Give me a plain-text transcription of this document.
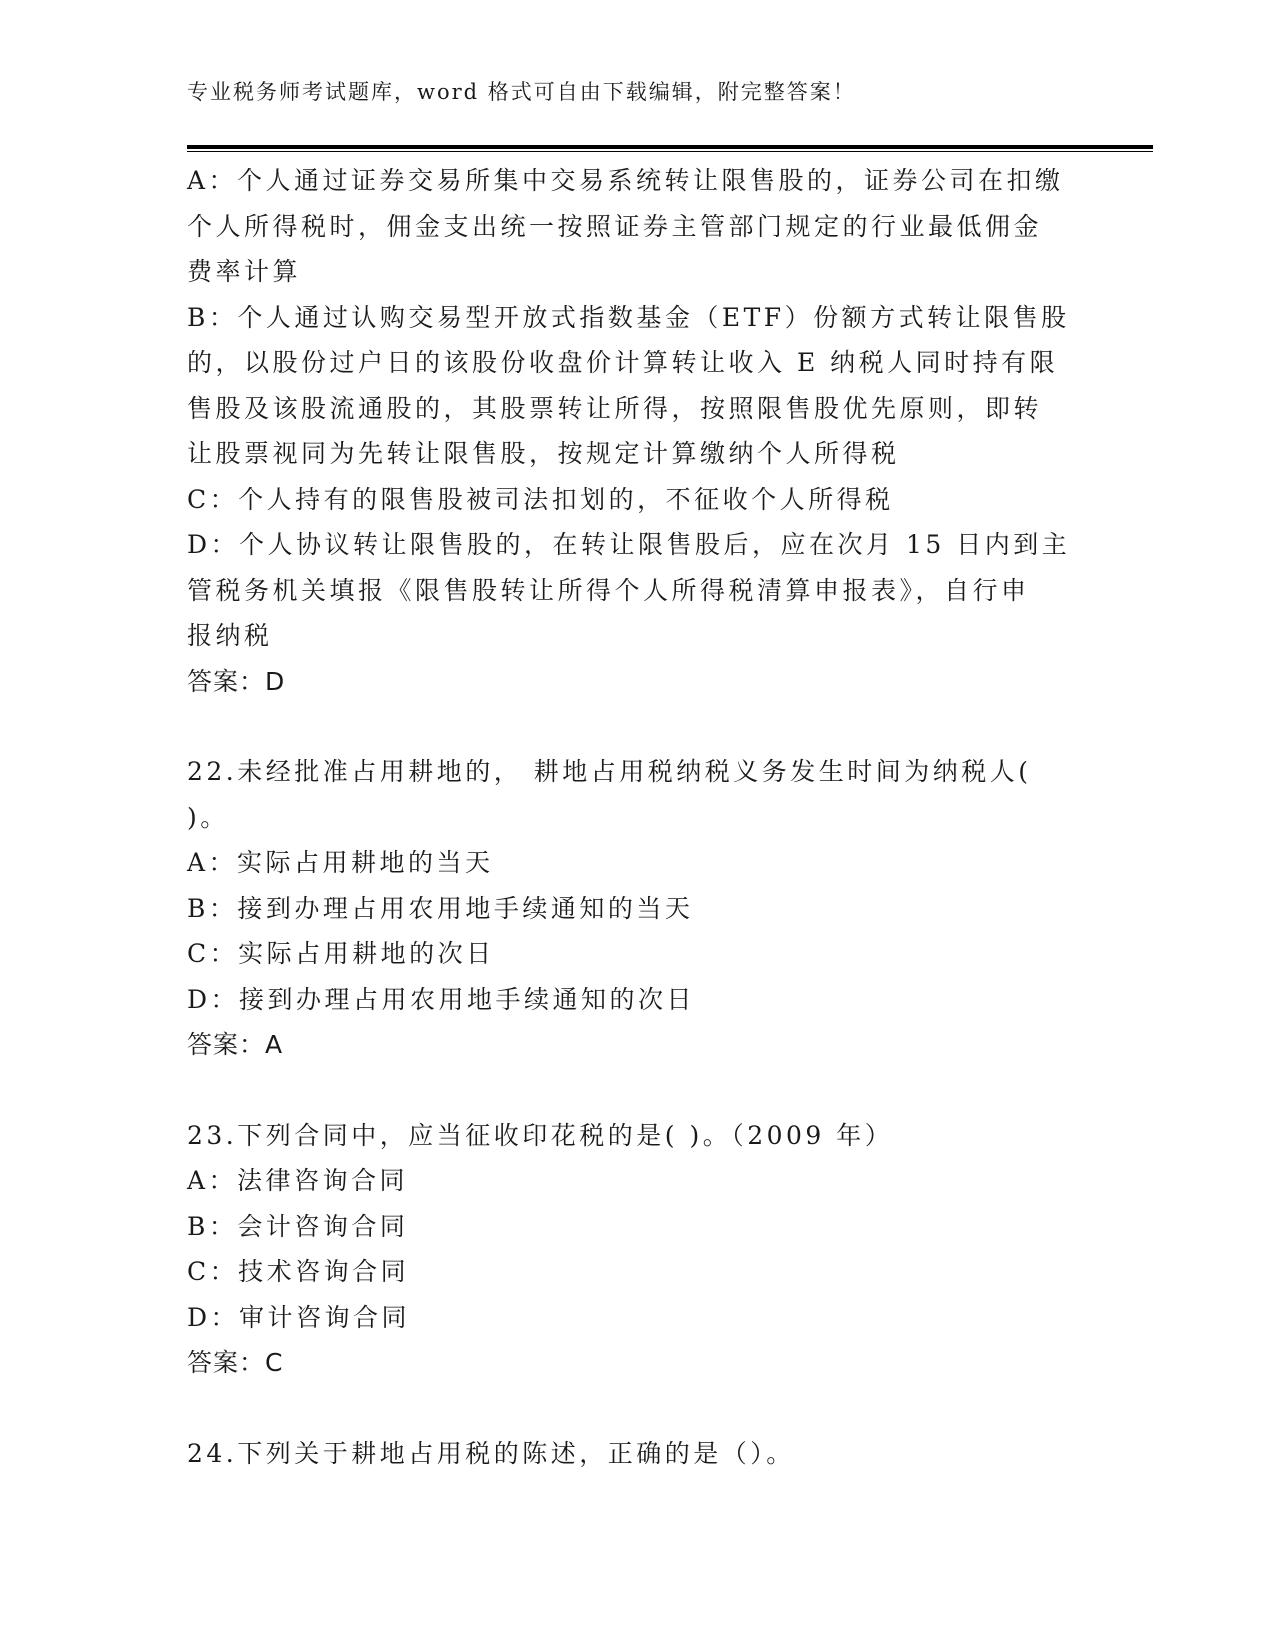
专业税务师考试题库，word 格式可自由下载编辑，附完整答案！
A：个人通过证券交易所集中交易系统转让限售股的，证券公司在扣缴
个人所得税时，佣金支出统一按照证券主管部门规定的行业最低佣金
费率计算
B：个人通过认购交易型开放式指数基金（ETF）份额方式转让限售股
的，以股份过户日的该股份收盘价计算转让收入 E 纳税人同时持有限
售股及该股流通股的，其股票转让所得，按照限售股优先原则，即转
让股票视同为先转让限售股，按规定计算缴纳个人所得税
C：个人持有的限售股被司法扣划的，不征收个人所得税
D：个人协议转让限售股的，在转让限售股后，应在次月 15 日内到主
管税务机关填报《限售股转让所得个人所得税清算申报表》，自行申
报纳税
答案：D
22.未经批准占用耕地的， 耕地占用税纳税义务发生时间为纳税人(
)。
A：实际占用耕地的当天
B：接到办理占用农用地手续通知的当天
C：实际占用耕地的次日
D：接到办理占用农用地手续通知的次日
答案：A
23.下列合同中，应当征收印花税的是( )。（2009 年）
A：法律咨询合同
B：会计咨询合同
C：技术咨询合同
D：审计咨询合同
答案：C
24.下列关于耕地占用税的陈述，正确的是（）。
